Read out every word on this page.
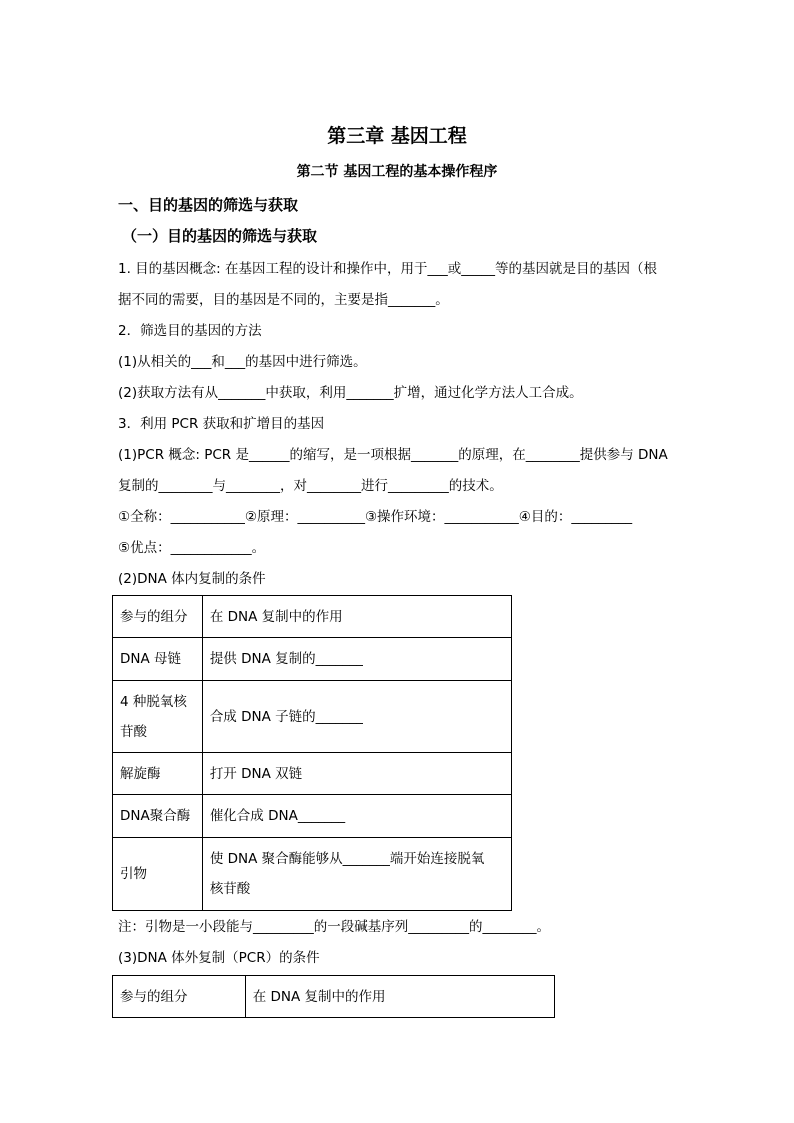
第三章 基因工程
第二节 基因工程的基本操作程序
一、目的基因的筛选与获取
（一）目的基因的筛选与获取
1. 目的基因概念: 在基因工程的设计和操作中，用于___或_____等的基因就是目的基因（根
据不同的需要，目的基因是不同的，主要是指_______。
2．筛选目的基因的方法
(1)从相关的___和___的基因中进行筛选。
(2)获取方法有从_______中获取，利用_______扩增，通过化学方法人工合成。
3．利用 PCR 获取和扩增目的基因
(1)PCR 概念: PCR 是______的缩写，是一项根据_______的原理，在________提供参与 DNA
复制的________与________，对________进行_________的技术。
①全称：___________②原理：__________③操作环境：___________④目的：_________
⑤优点：____________。
(2)DNA 体内复制的条件
参与的组分	在 DNA 复制中的作用
DNA 母链	提供 DNA 复制的_______

4 种脱氧核
苷酸	合成 DNA 子链的_______
解旋酶	打开 DNA 双链
DNA聚合酶	催化合成 DNA_______
引物	使 DNA 聚合酶能够从_______端开始连接脱氧
核苷酸
注：引物是一小段能与_________的一段碱基序列_________的________。
(3)DNA 体外复制（PCR）的条件
参与的组分	在 DNA 复制中的作用
